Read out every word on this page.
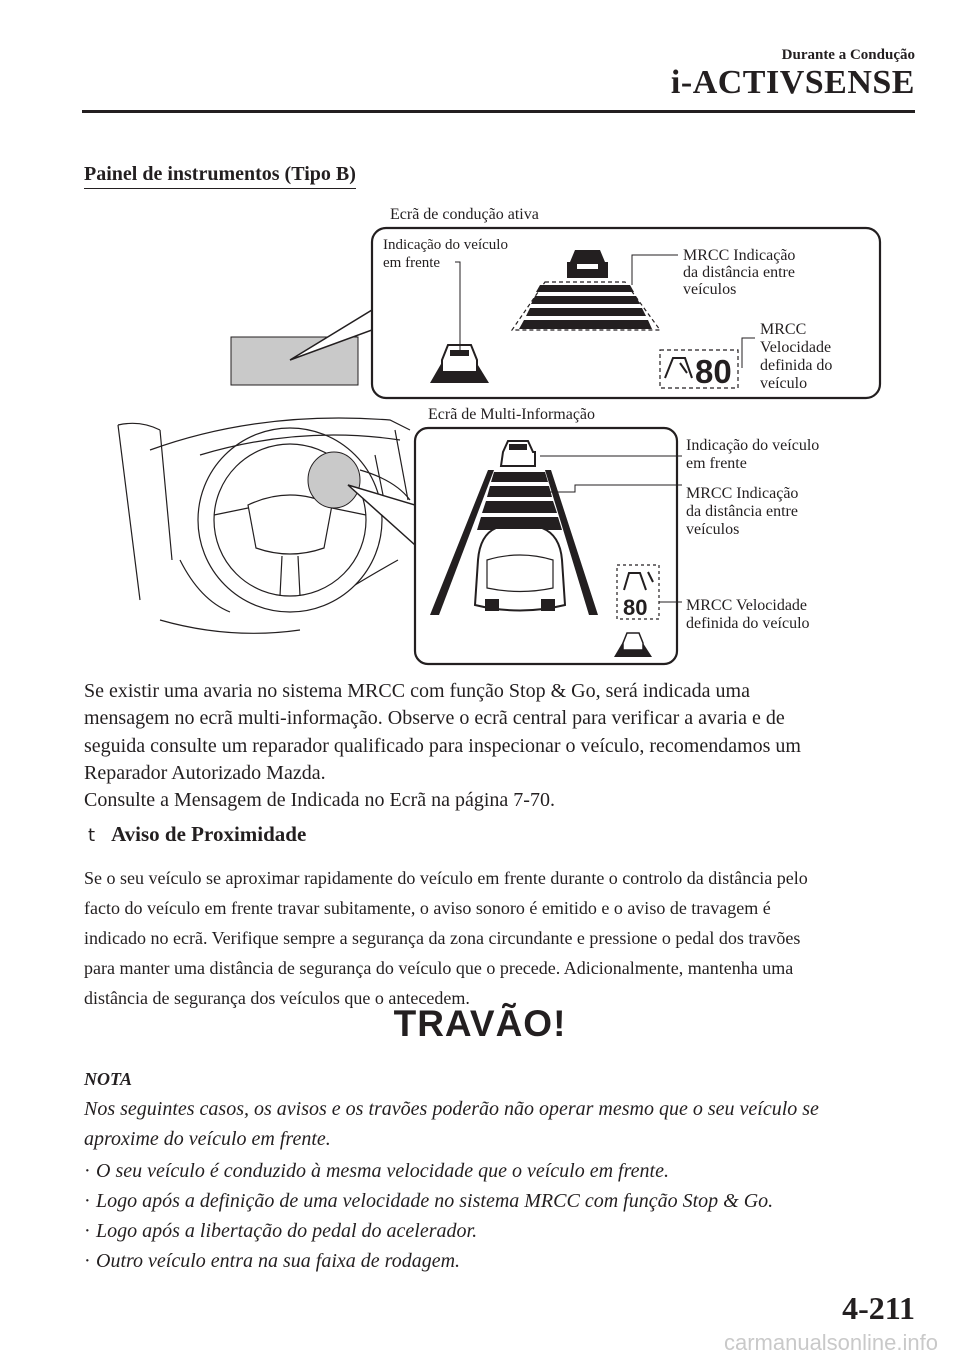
Durante a Condução
i-ACTIVSENSE
Painel de instrumentos (Tipo B)
Ecrã de condução ativa
80
Indicação do veículo
em frente	MRCC Indicação
da distância entre
veículos
MRCC
Velocidade
definida do
veículo
Ecrã de Multi-Informação
80
Indicação do veículo
em frente
MRCC Indicação
da distância entre
veículos
MRCC Velocidade
definida do veículo
Se existir uma avaria no sistema MRCC com função Stop & Go, será indicada uma
mensagem no ecrã multi-informação. Observe o ecrã central para verificar a avaria e de
seguida consulte um reparador qualificado para inspecionar o veículo, recomendamos um
Reparador Autorizado Mazda.
Consulte a Mensagem de Indicada no Ecrã na página 7-70.
t Aviso de Proximidade
Se o seu veículo se aproximar rapidamente do veículo em frente durante o controlo da distância pelo
facto do veículo em frente travar subitamente, o aviso sonoro é emitido e o aviso de travagem é
indicado no ecrã. Verifique sempre a segurança da zona circundante e pressione o pedal dos travões
para manter uma distância de segurança do veículo que o precede. Adicionalmente, mantenha uma
distância de segurança dos veículos que o antecedem.
TRAVÃO!
NOTA
Nos seguintes casos, os avisos e os travões poderão não operar mesmo que o seu veículo se
aproxime do veículo em frente.
· O seu veículo é conduzido à mesma velocidade que o veículo em frente.
· Logo após a definição de uma velocidade no sistema MRCC com função Stop & Go.
· Logo após a libertação do pedal do acelerador.
· Outro veículo entra na sua faixa de rodagem.
4-211
carmanualsonline.info
